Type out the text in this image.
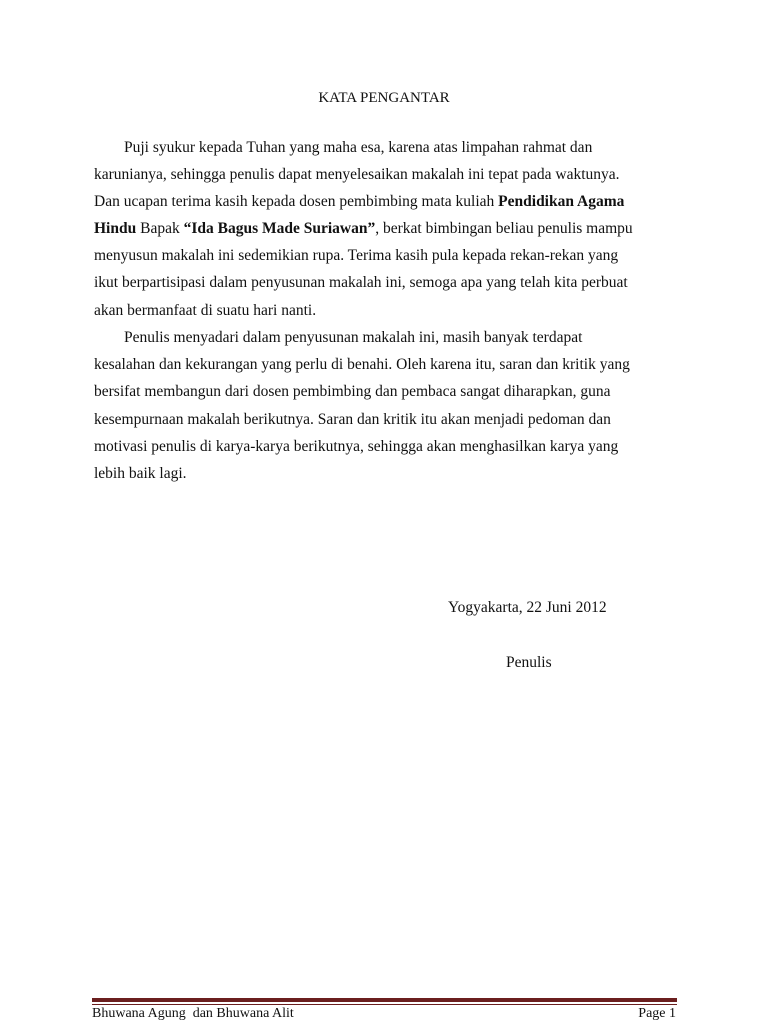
KATA PENGANTAR
Puji syukur kepada Tuhan yang maha esa, karena atas limpahan rahmat dan
karunianya, sehingga penulis dapat menyelesaikan makalah ini tepat pada waktunya.
Dan ucapan terima kasih kepada dosen pembimbing mata kuliah Pendidikan Agama
Hindu Bapak “Ida Bagus Made Suriawan”, berkat bimbingan beliau penulis mampu
menyusun makalah ini sedemikian rupa. Terima kasih pula kepada rekan-rekan yang
ikut berpartisipasi dalam penyusunan makalah ini, semoga apa yang telah kita perbuat
akan bermanfaat di suatu hari nanti.
Penulis menyadari dalam penyusunan makalah ini, masih banyak terdapat
kesalahan dan kekurangan yang perlu di benahi. Oleh karena itu, saran dan kritik yang
bersifat membangun dari dosen pembimbing dan pembaca sangat diharapkan, guna
kesempurnaan makalah berikutnya. Saran dan kritik itu akan menjadi pedoman dan
motivasi penulis di karya-karya berikutnya, sehingga akan menghasilkan karya yang
lebih baik lagi.
Yogyakarta, 22 Juni 2012
Penulis
Bhuwana Agung  dan Bhuwana Alit	Page 1
